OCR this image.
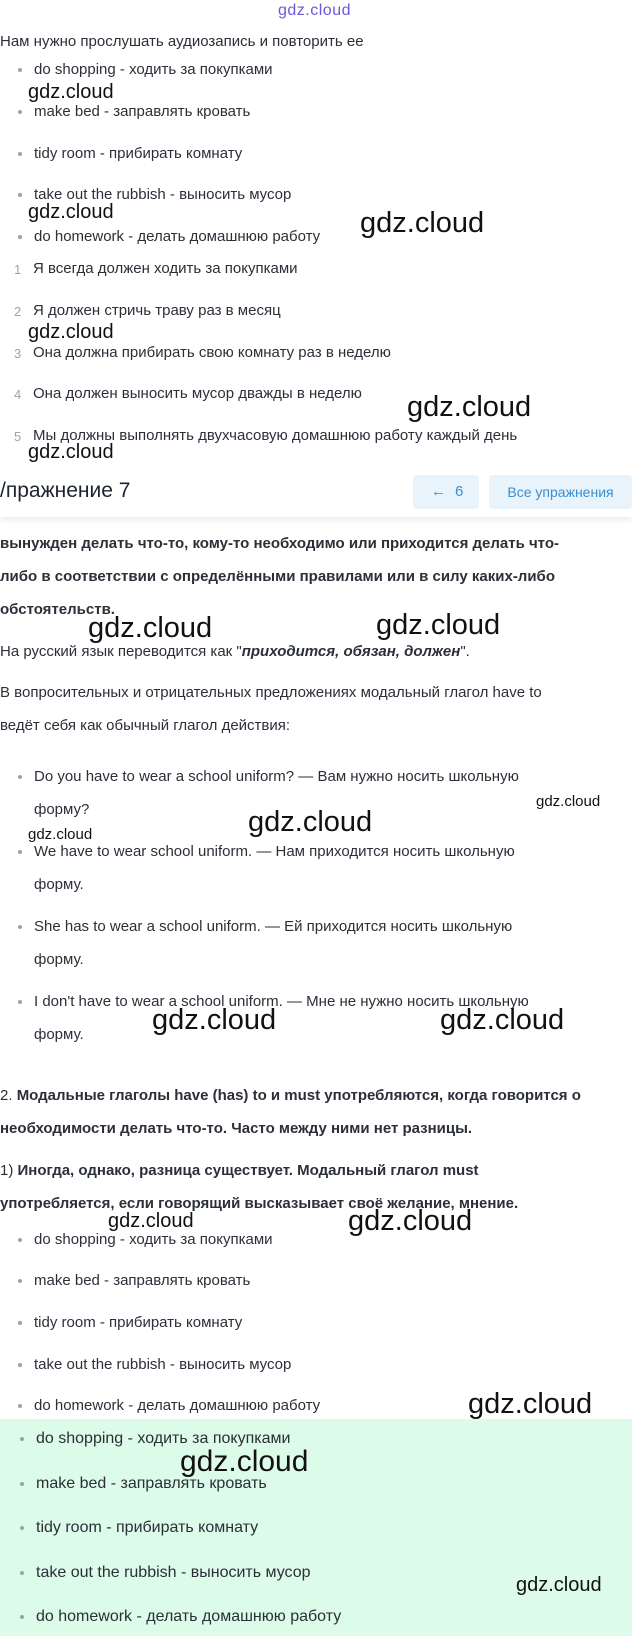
gdz.cloud
Нам нужно прослушать аудиозапись и повторить ее
do shopping - ходить за покупками
make bed - заправлять кровать
tidy room - прибирать комнату
take out the rubbish - выносить мусор
do homework - делать домашнюю работу
1 Я всегда должен ходить за покупками
2 Я должен стричь траву раз в месяц
3 Она должна прибирать свою комнату раз в неделю
4 Она должен выносить мусор дважды в неделю
5 Мы должны выполнять двухчасовую домашнюю работу каждый день
/пражнение 7	← 6	Все упражнения
вынужден делать что-то, кому-то необходимо или приходится делать что-
либо в соответствии с определёнными правилами или в силу каких-либо
обстоятельств.
На русский язык переводится как "приходится, обязан, должен".
В вопросительных и отрицательных предложениях модальный глагол have to
ведёт себя как обычный глагол действия:
Do you have to wear a school uniform? — Вам нужно носить школьную
форму?
We have to wear school uniform. — Нам приходится носить школьную
форму.
She has to wear a school uniform. — Ей приходится носить школьную
форму.
I don't have to wear a school uniform. — Мне не нужно носить школьную
форму.
2. Модальные глаголы have (has) to и must употребляются, когда говорится о
необходимости делать что-то. Часто между ними нет разницы.
1) Иногда, однако, разница существует. Модальный глагол must
употребляется, если говорящий высказывает своё желание, мнение.
do shopping - ходить за покупками
make bed - заправлять кровать
tidy room - прибирать комнату
take out the rubbish - выносить мусор
do homework - делать домашнюю работу
do shopping - ходить за покупками
make bed - заправлять кровать
tidy room - прибирать комнату
take out the rubbish - выносить мусор
do homework - делать домашнюю работу
gdz.cloud
gdz.cloud	gdz.cloud
gdz.cloud
gdz.cloud
gdz.cloud
gdz.cloud	gdz.cloud
gdz.cloud
gdz.cloud
gdz.cloud
gdz.cloud	gdz.cloud
gdz.cloud	gdz.cloud
gdz.cloud
gdz.cloud
gdz.cloud
